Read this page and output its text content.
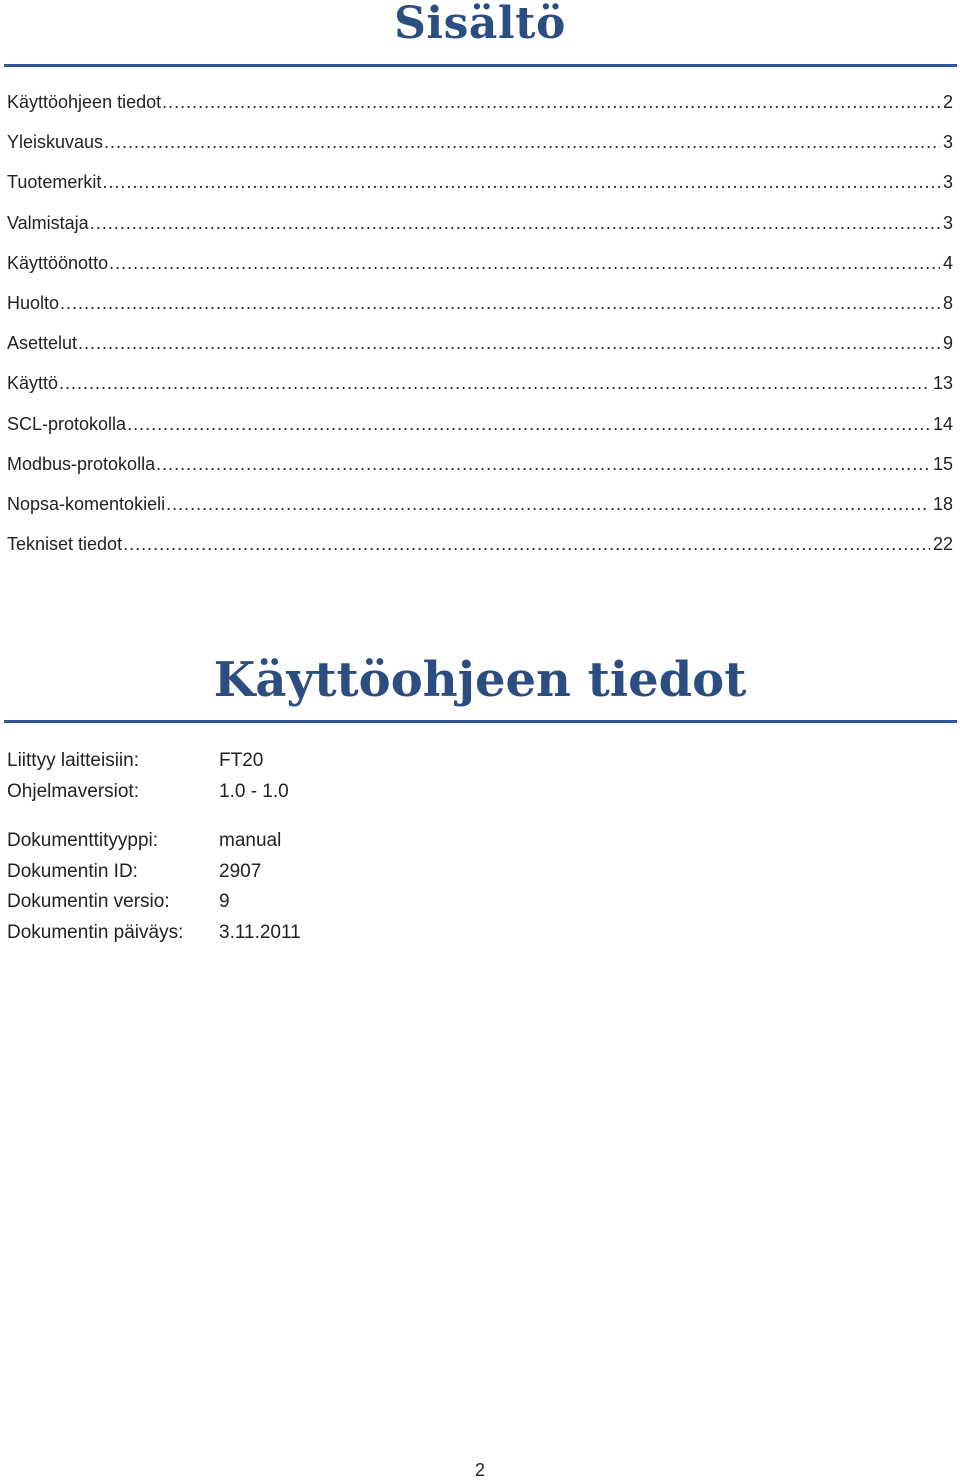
Sisältö
Käyttöohjeen tiedot .....	2
Yleiskuvaus .....	3
Tuotemerkit .....	3
Valmistaja .....	3
Käyttöönotto .....	4
Huolto .....	8
Asettelut .....	9
Käyttö .....	13
SCL-protokolla .....	14
Modbus-protokolla .....	15
Nopsa-komentokieli .....	18
Tekniset tiedot .....	22
Käyttöohjeen tiedot
Liittyy laitteisiin:	FT20
Ohjelmaversiot:	1.0 - 1.0
Dokumenttityyppi:	manual
Dokumentin ID:	2907
Dokumentin versio:	9
Dokumentin päiväys:	3.11.2011
2
